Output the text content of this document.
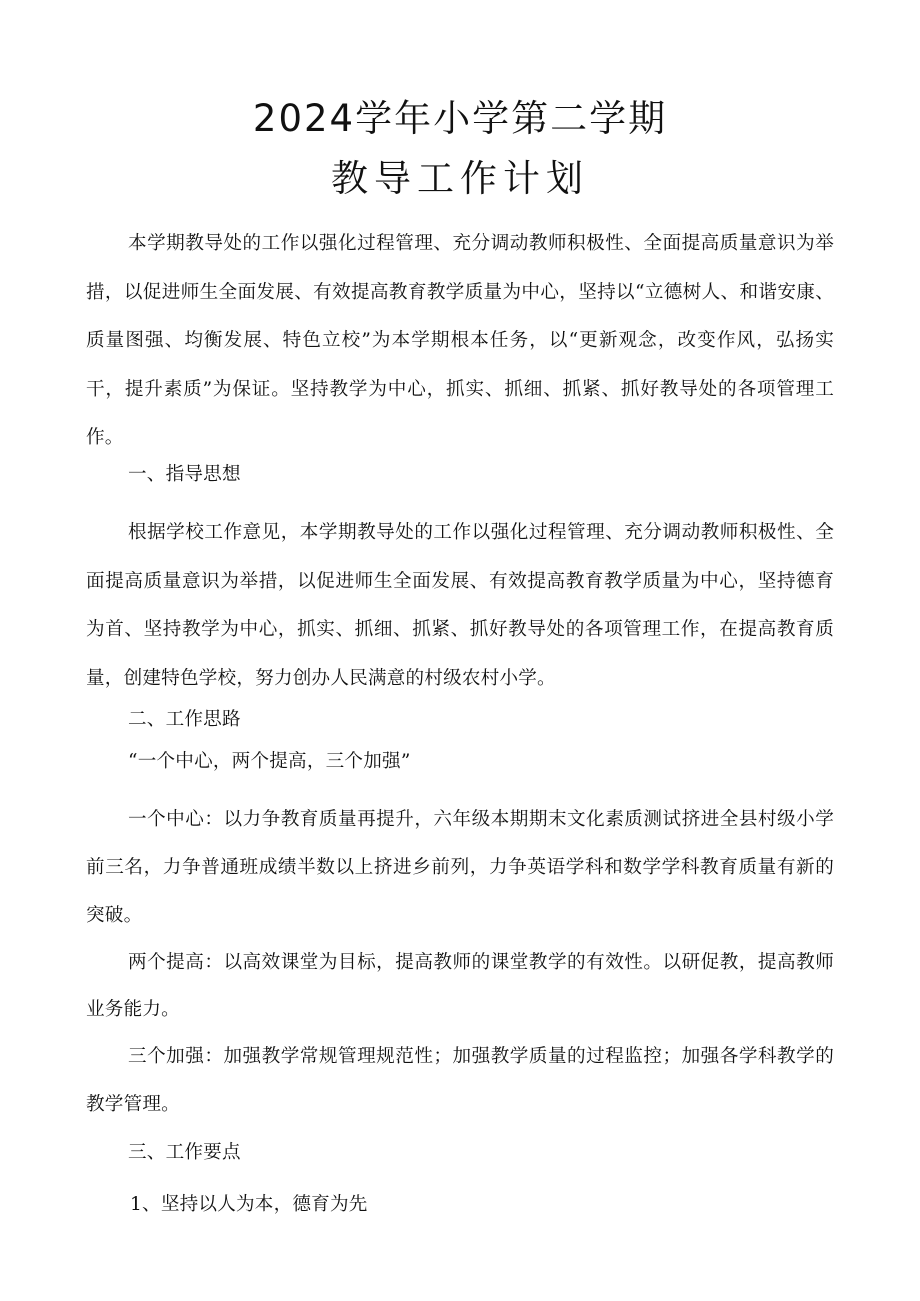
2024学年小学第二学期
教导工作计划

本学期教导处的工作以强化过程管理、充分调动教师积极性、全面提高质量意识为举措，以促进师生全面发展、有效提高教育教学质量为中心，坚持以“立德树人、和谐安康、质量图强、均衡发展、特色立校”为本学期根本任务，以“更新观念，改变作风，弘扬实干，提升素质”为保证。坚持教学为中心，抓实、抓细、抓紧、抓好教导处的各项管理工作。

一、指导思想

根据学校工作意见，本学期教导处的工作以强化过程管理、充分调动教师积极性、全面提高质量意识为举措，以促进师生全面发展、有效提高教育教学质量为中心，坚持德育为首、坚持教学为中心，抓实、抓细、抓紧、抓好教导处的各项管理工作，在提高教育质量，创建特色学校，努力创办人民满意的村级农村小学。

二、工作思路
“一个中心，两个提高，三个加强”

一个中心：以力争教育质量再提升，六年级本期期末文化素质测试挤进全县村级小学前三名，力争普通班成绩半数以上挤进乡前列，力争英语学科和数学学科教育质量有新的突破。

两个提高：以高效课堂为目标，提高教师的课堂教学的有效性。以研促教，提高教师业务能力。

三个加强：加强教学常规管理规范性；加强教学质量的过程监控；加强各学科教学的教学管理。

三、工作要点
1、坚持以人为本，德育为先
